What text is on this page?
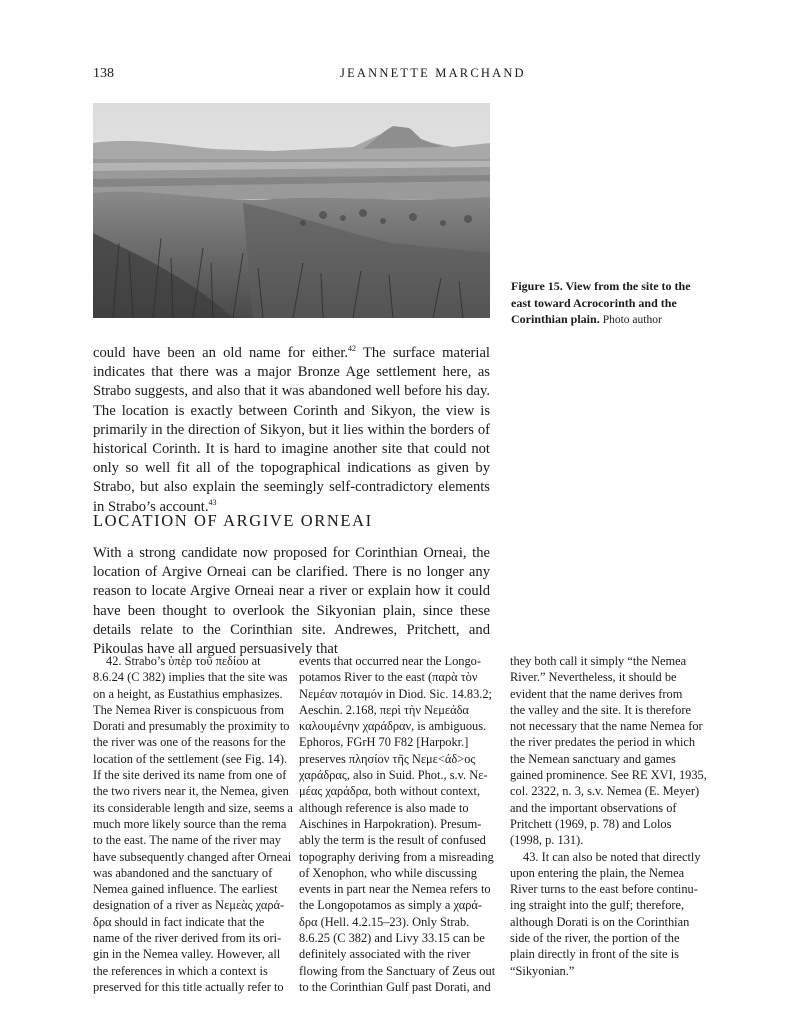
138	JEANNETTE MARCHAND
Figure 15. View from the site to the east toward Acrocorinth and the Corinthian plain. Photo author

could have been an old name for either.$^{42}$ The surface material indicates that there was a major Bronze Age settlement here, as Strabo suggests, and also that it was abandoned well before his day. The location is exactly between Corinth and Sikyon, the view is primarily in the direction of Sikyon, but it lies within the borders of historical Corinth. It is hard to imagine another site that could not only so well fit all of the topographical indications as given by Strabo, but also explain the seemingly self-contradictory elements in Strabo’s account.$^{43}$

LOCATION OF ARGIVE ORNEAI

With a strong candidate now proposed for Corinthian Orneai, the location of Argive Orneai can be clarified. There is no longer any reason to locate Argive Orneai near a river or explain how it could have been thought to overlook the Sikyonian plain, since these details relate to the Corinthian site. Andrewes, Pritchett, and Pikoulas have all argued persuasively that

42. Strabo’s ὑπὲρ τοῦ πεδίου at
8.6.24 (C 382) implies that the site was
on a height, as Eustathius emphasizes.
The Nemea River is conspicuous from
Dorati and presumably the proximity to
the river was one of the reasons for the
location of the settlement (see Fig. 14).
If the site derived its name from one of
the two rivers near it, the Nemea, given
its considerable length and size, seems a
much more likely source than the rema
to the east. The name of the river may
have subsequently changed after Orneai
was abandoned and the sanctuary of
Nemea gained influence. The earliest
designation of a river as Νεμεὰς χαρά-
δρα should in fact indicate that the
name of the river derived from its ori-
gin in the Nemea valley. However, all
the references in which a context is
preserved for this title actually refer to
events that occurred near the Longo-
potamos River to the east (παρὰ τὸν
Νεμέαν ποταμόν in Diod. Sic. 14.83.2;
Aeschin. 2.168, περὶ τὴν Νεμεάδα
καλουμένην χαράδραν, is ambiguous.
Ephoros, FGrH 70 F82 [Harpokr.]
preserves πλησίον τῆς Νεμε<άδ>ος
χαράδρας, also in Suid. Phot., s.v. Νε-
μέας χαράδρα, both without context,
although reference is also made to
Aischines in Harpokration). Presum-
ably the term is the result of confused
topography deriving from a misreading
of Xenophon, who while discussing
events in part near the Nemea refers to
the Longopotamos as simply a χαρά-
δρα (Hell. 4.2.15–23). Only Strab.
8.6.25 (C 382) and Livy 33.15 can be
definitely associated with the river
flowing from the Sanctuary of Zeus out
to the Corinthian Gulf past Dorati, and
they both call it simply “the Nemea
River.” Nevertheless, it should be
evident that the name derives from
the valley and the site. It is therefore
not necessary that the name Nemea for
the river predates the period in which
the Nemean sanctuary and games
gained prominence. See RE XVI, 1935,
col. 2322, n. 3, s.v. Nemea (E. Meyer)
and the important observations of
Pritchett (1969, p. 78) and Lolos
(1998, p. 131).
43. It can also be noted that directly
upon entering the plain, the Nemea
River turns to the east before continu-
ing straight into the gulf; therefore,
although Dorati is on the Corinthian
side of the river, the portion of the
plain directly in front of the site is
“Sikyonian.”
